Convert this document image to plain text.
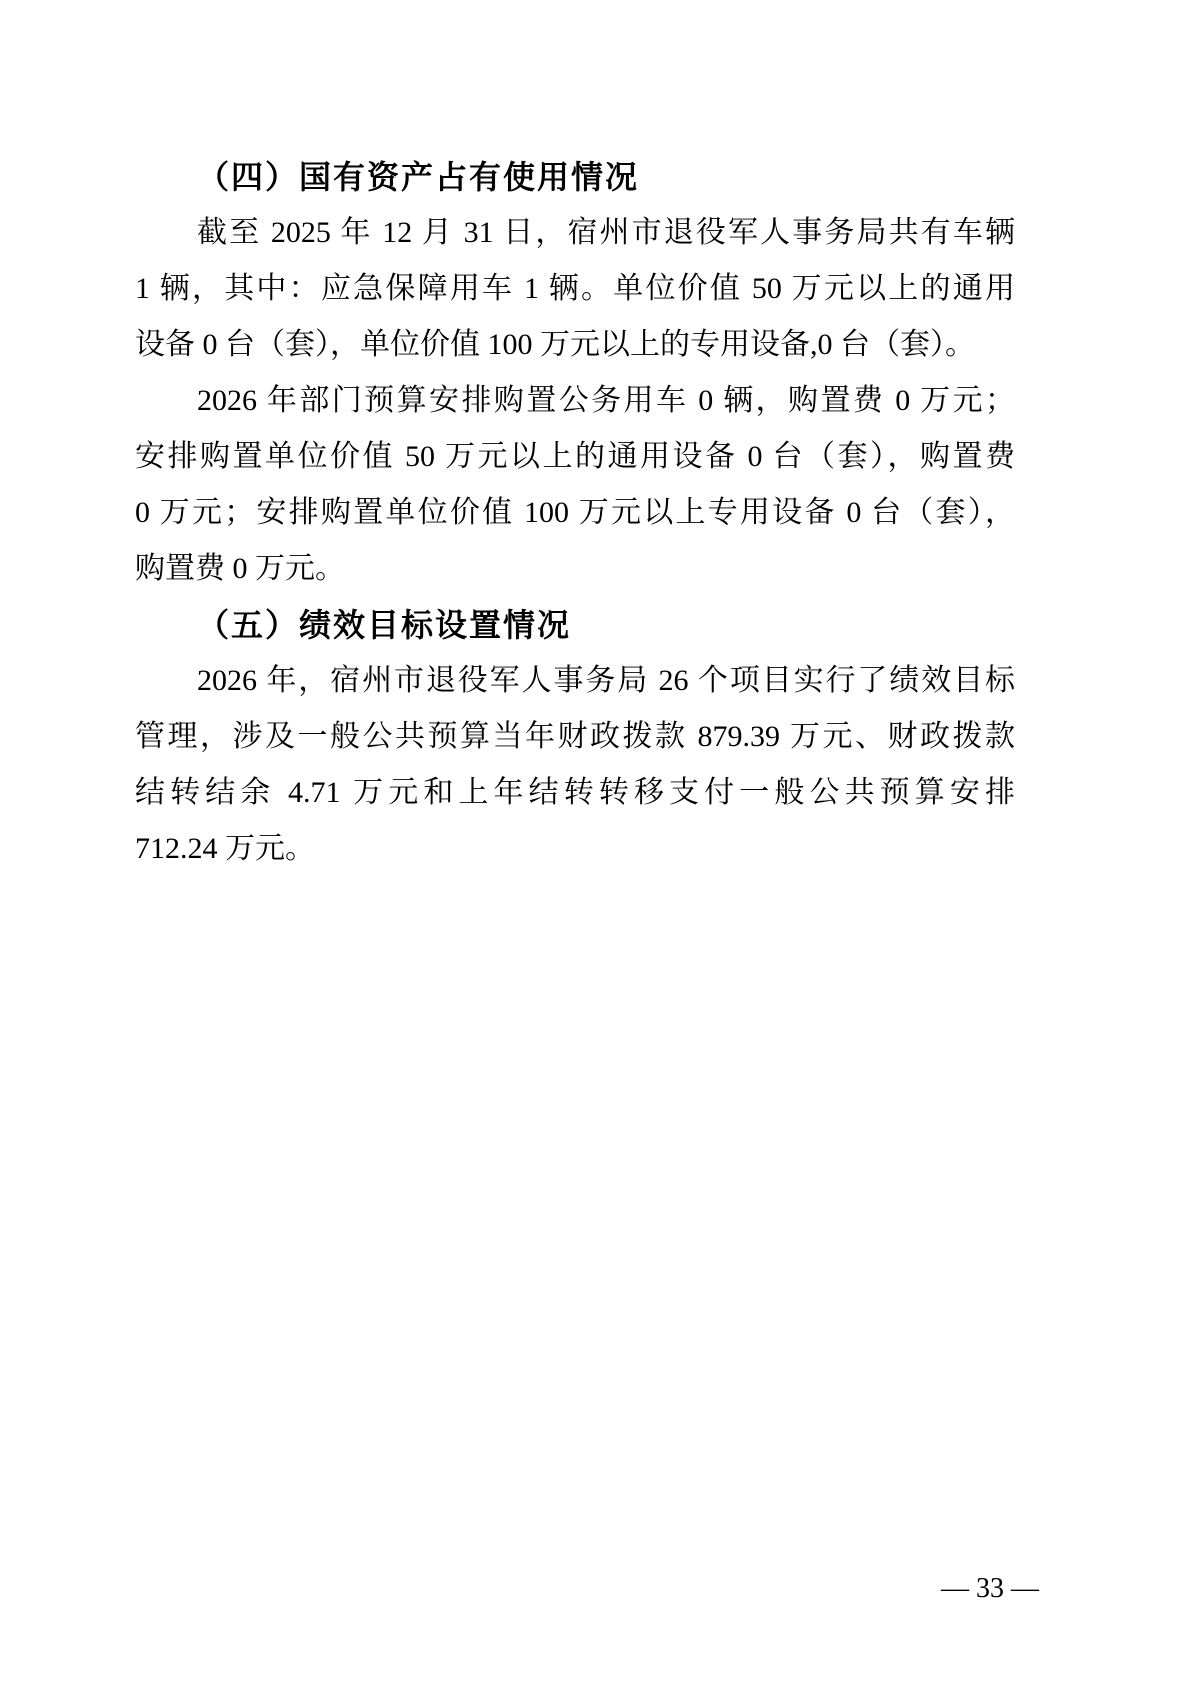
（四）国有资产占有使用情况
截至 2025 年 12 月 31 日，宿州市退役军人事务局共有车辆
1 辆，其中：应急保障用车 1 辆。单位价值 50 万元以上的通用
设备 0 台（套），单位价值 100 万元以上的专用设备,0 台（套）。
2026 年部门预算安排购置公务用车 0 辆，购置费 0 万元；
安排购置单位价值 50 万元以上的通用设备 0 台（套），购置费
0 万元；安排购置单位价值 100 万元以上专用设备 0 台（套），
购置费 0 万元。
（五）绩效目标设置情况
2026 年，宿州市退役军人事务局 26 个项目实行了绩效目标
管理，涉及一般公共预算当年财政拨款 879.39 万元、财政拨款
结转结余 4.71 万元和上年结转转移支付一般公共预算安排
712.24 万元。
— 33 —
